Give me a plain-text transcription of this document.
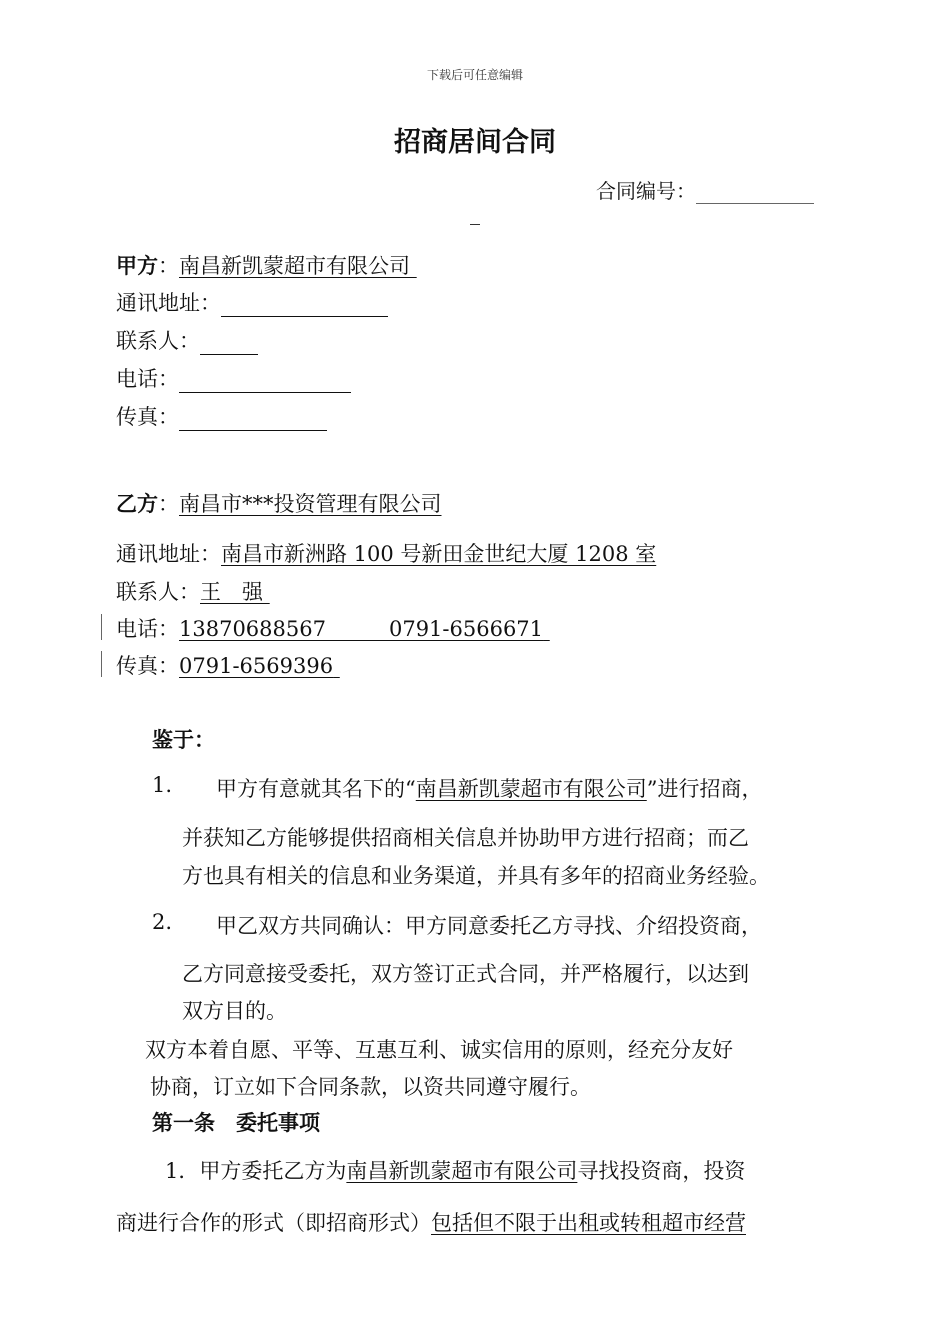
下载后可任意编辑
招商居间合同
合同编号：
甲方：南昌新凯蒙超市有限公司
通讯地址：
联系人：
电话：
传真：
乙方：南昌市***投资管理有限公司
通讯地址：南昌市新洲路 100 号新田金世纪大厦 1208 室
联系人：王　强
电话：13870688567　　　0791-6566671
传真：0791-6569396
鉴于：
1. 甲方有意就其名下的“南昌新凯蒙超市有限公司”进行招商，
并获知乙方能够提供招商相关信息并协助甲方进行招商；而乙
方也具有相关的信息和业务渠道，并具有多年的招商业务经验。
2. 甲乙双方共同确认：甲方同意委托乙方寻找、介绍投资商，
乙方同意接受委托，双方签订正式合同，并严格履行，以达到
双方目的。
双方本着自愿、平等、互惠互利、诚实信用的原则，经充分友好
协商，订立如下合同条款，以资共同遵守履行。
第一条　委托事项
1．甲方委托乙方为南昌新凯蒙超市有限公司寻找投资商，投资
商进行合作的形式（即招商形式）包括但不限于出租或转租超市经营
